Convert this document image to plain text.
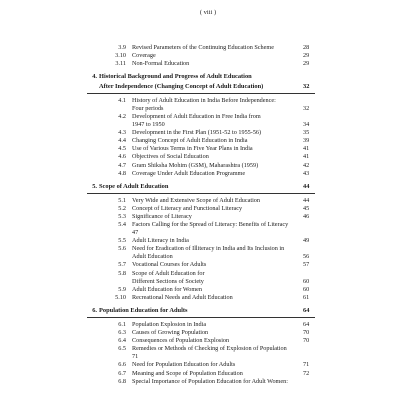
( viii )
3.9 Revised Parameters of the Continuing Education Scheme	28
3.10 Coverage	29
3.11 Non-Formal Education	29
4. Historical Background and Progress of Adult Education
After Independence (Changing Concept of Adult Education)	32
4.1 History of Adult Education in India Before Independence:
Four periods	32
4.2 Development of Adult Education in Free India from
1947 to 1950	34
4.3 Development in the First Plan (1951-52 to 1955-56)	35
4.4 Changing Concept of Adult Education in India	39
4.5 Use of Various Terms in Five Year Plans in India	41
4.6 Objectives of Social Education	41
4.7 Gram Shiksha Mohim (GSM), Maharashtra (1959)	42
4.8 Coverage Under Adult Education Programme	43
5. Scope of Adult Education	44
5.1 Very Wide and Extensive Scope of Adult Education	44
5.2 Concept of Literacy and Functional Literacy	45
5.3 Significance of Literacy	46
5.4 Factors Calling for the Spread of Literacy: Benefits of Literacy
47
5.5 Adult Literacy in India	49
5.6 Need for Eradication of Illiteracy in India and Its Inclusion in
Adult Education	56
5.7 Vocational Courses for Adults	57
5.8 Scope of Adult Education for
Different Sections of Society	60
5.9 Adult Education for Women	60
5.10 Recreational Needs and Adult Education	61
6. Population Education for Adults	64
6.1 Population Explosion in India	64
6.3 Causes of Growing Population	70
6.4 Consequences of Population Explosion	70
6.5 Remedies or Methods of Checking of Explosion of Population
71
6.6 Need for Population Education for Adults	71
6.7 Meaning and Scope of Population Education	72
6.8 Special Importance of Population Education for Adult Women:
